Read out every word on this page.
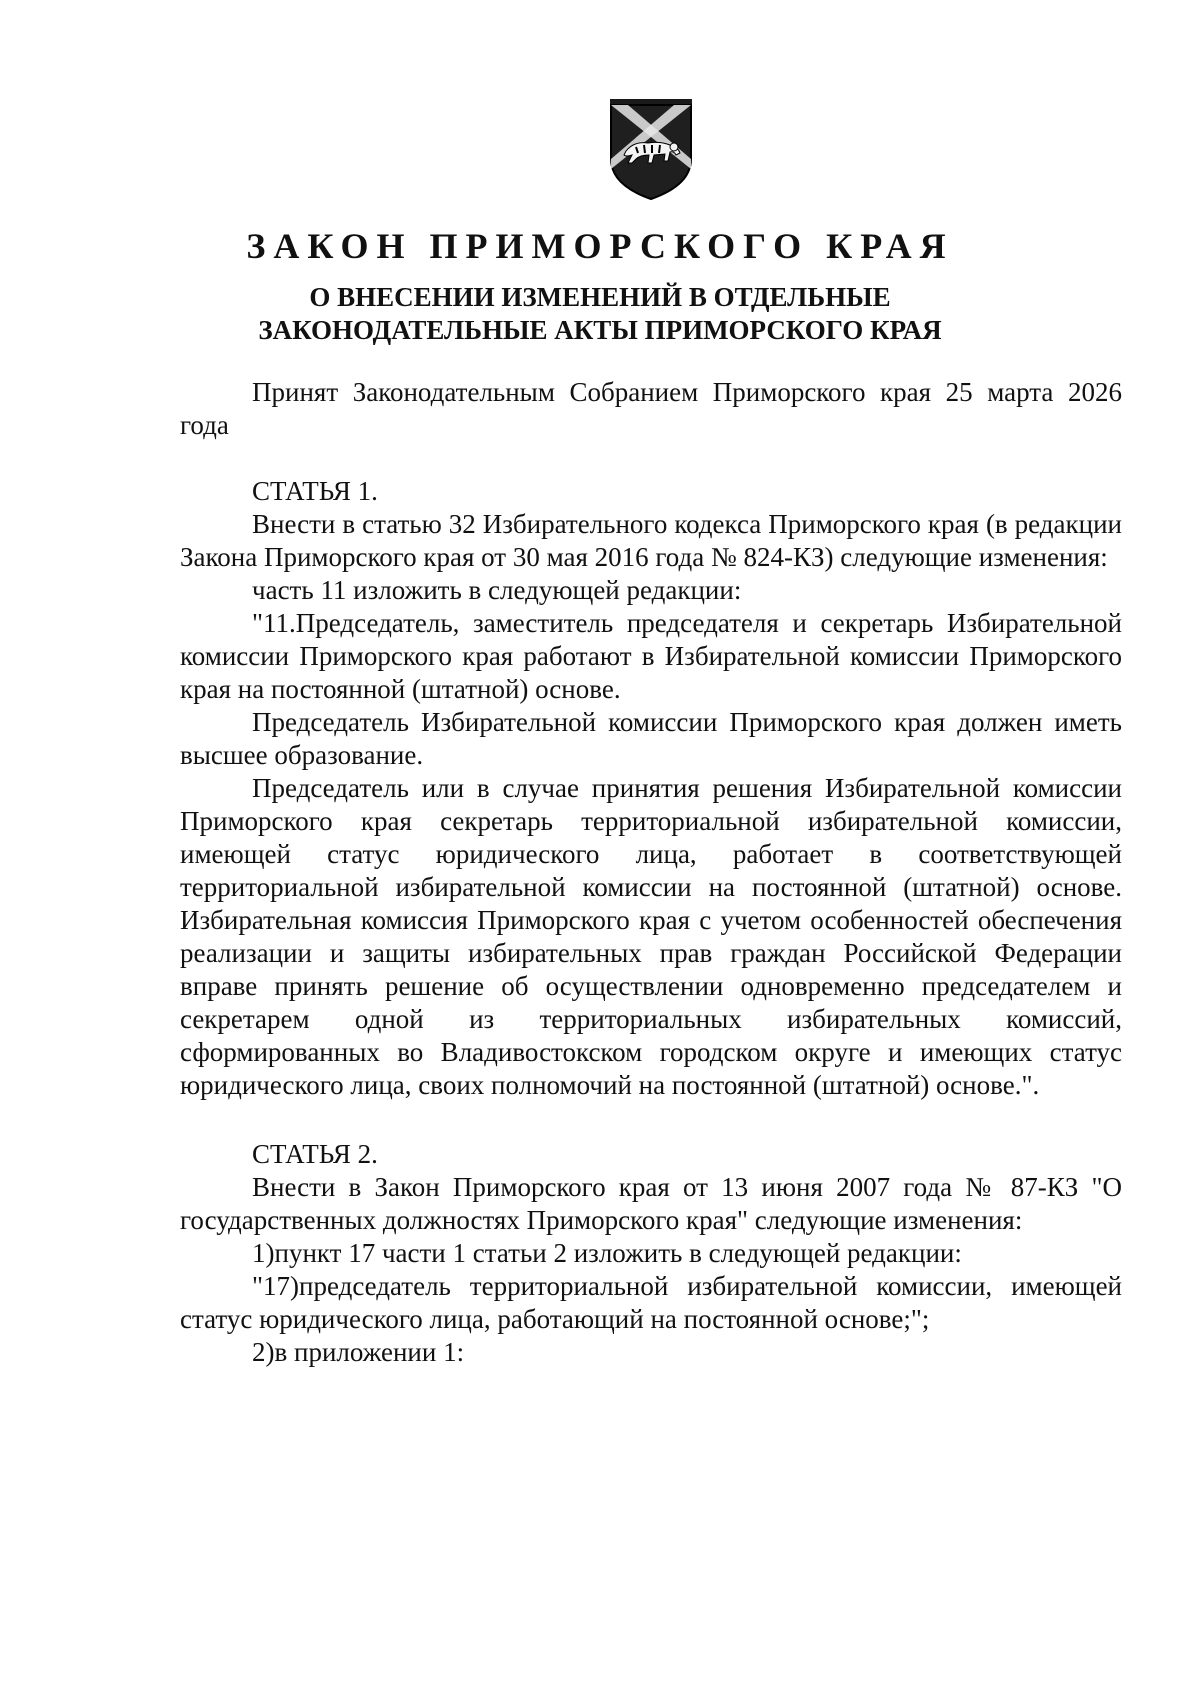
ЗАКОН ПРИМОРСКОГО КРАЯ
О ВНЕСЕНИИ ИЗМЕНЕНИЙ В ОТДЕЛЬНЫЕ
ЗАКОНОДАТЕЛЬНЫЕ АКТЫ ПРИМОРСКОГО КРАЯ

Принят Законодательным Собранием Приморского края 25 марта 2026 года

СТАТЬЯ 1.

Внести в статью 32 Избирательного кодекса Приморского края (в редакции Закона Приморского края от 30 мая 2016 года № 824-КЗ) следующие изменения:

часть 11 изложить в следующей редакции:

"11.Председатель, заместитель председателя и секретарь Избирательной комиссии Приморского края работают в Избирательной комиссии Приморского края на постоянной (штатной) основе.

Председатель Избирательной комиссии Приморского края должен иметь высшее образование.

Председатель или в случае принятия решения Избирательной комиссии Приморского края секретарь территориальной избирательной комиссии, имеющей статус юридического лица, работает в соответствующей территориальной избирательной комиссии на постоянной (штатной) основе. Избирательная комиссия Приморского края с учетом особенностей обеспечения реализации и защиты избирательных прав граждан Российской Федерации вправе принять решение об осуществлении одновременно председателем и секретарем одной из территориальных избирательных комиссий, сформированных во Владивостокском городском округе и имеющих статус юридического лица, своих полномочий на постоянной (штатной) основе.".

СТАТЬЯ 2.

Внести в Закон Приморского края от 13 июня 2007 года № 87-КЗ "О государственных должностях Приморского края" следующие изменения:

1)пункт 17 части 1 статьи 2 изложить в следующей редакции:

"17)председатель территориальной избирательной комиссии, имеющей статус юридического лица, работающий на постоянной основе;";

2)в приложении 1:
